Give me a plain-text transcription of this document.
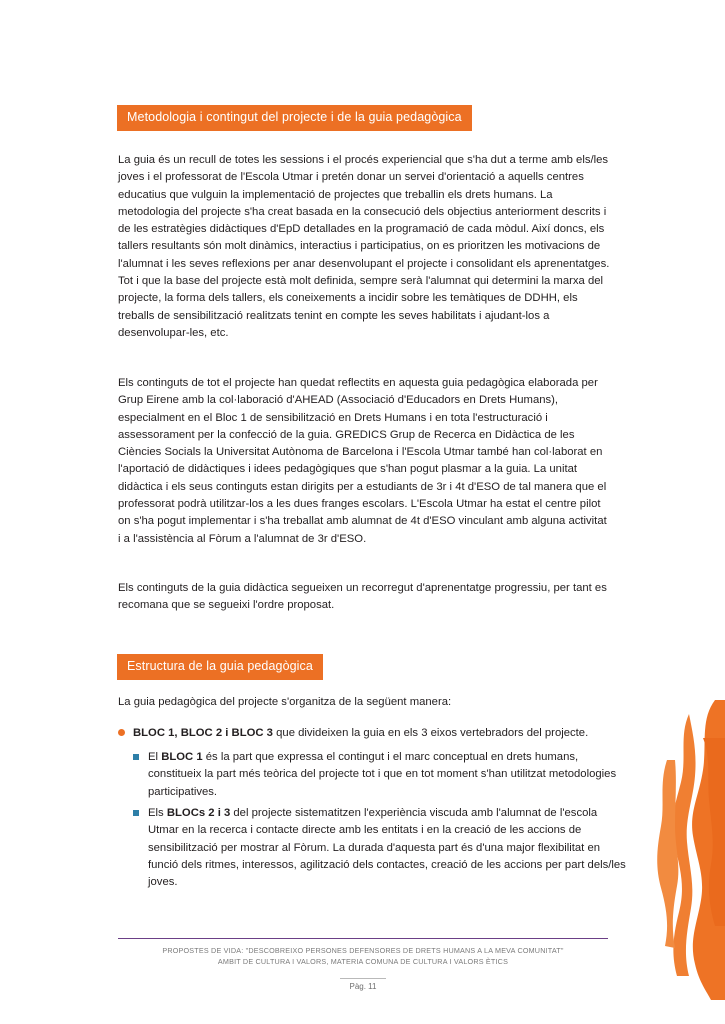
Metodologia i contingut del projecte i de la guia pedagògica
La guia és un recull de totes les sessions i el procés experiencial que s'ha dut a terme amb els/les joves i el professorat de l'Escola Utmar i pretén donar un servei d'orientació a aquells centres educatius que vulguin la implementació de projectes que treballin els drets humans. La metodologia del projecte s'ha creat basada en la consecució dels objectius anteriorment descrits i de les estratègies didàctiques d'EpD detallades en la programació de cada mòdul. Així doncs, els tallers resultants són molt dinàmics, interactius i participatius, on es prioritzen les motivacions de l'alumnat i les seves reflexions per anar desenvolupant el projecte i consolidant els aprenentatges. Tot i que la base del projecte està molt definida, sempre serà l'alumnat qui determini la marxa del projecte, la forma dels tallers, els coneixements a incidir sobre les temàtiques de DDHH, els treballs de sensibilització realitzats tenint en compte les seves habilitats i ajudant-los a desenvolupar-les, etc.
Els continguts de tot el projecte han quedat reflectits en aquesta guia pedagògica elaborada per Grup Eirene amb la col·laboració d'AHEAD (Associació d'Educadors en Drets Humans), especialment en el Bloc 1 de sensibilització en Drets Humans i en tota l'estructuració i assessorament per la confecció de la guia. GREDICS Grup de Recerca en Didàctica de les Ciències Socials la Universitat Autònoma de Barcelona i l'Escola Utmar també han col·laborat en l'aportació de didàctiques i idees pedagògiques que s'han pogut plasmar a la guia. La unitat didàctica i els seus continguts estan dirigits per a estudiants de 3r i 4t d'ESO de tal manera que el professorat podrà utilitzar-los a les dues franges escolars. L'Escola Utmar ha estat el centre pilot on s'ha pogut implementar i s'ha treballat amb alumnat de 4t d'ESO vinculant amb alguna activitat i a l'assistència al Fòrum a l'alumnat de 3r d'ESO.
Els continguts de la guia didàctica segueixen un recorregut d'aprenentatge progressiu, per tant es recomana que se segueixi l'ordre proposat.
Estructura de la guia pedagògica
La guia pedagògica del projecte s'organitza de la següent manera:
BLOC 1, BLOC 2 i BLOC 3 que divideixen la guia en els 3 eixos vertebradors del projecte.
El BLOC 1 és la part que expressa el contingut i el marc conceptual en drets humans, constitueix la part més teòrica del projecte tot i que en tot moment s'han utilitzat metodologies participatives.
Els BLOCs 2 i 3 del projecte sistematitzen l'experiència viscuda amb l'alumnat de l'escola Utmar en la recerca i contacte directe amb les entitats i en la creació de les accions de sensibilització per mostrar al Fòrum. La durada d'aquesta part és d'una major flexibilitat en funció dels ritmes, interessos, agilització dels contactes, creació de les accions per part dels/les joves.
PROPOSTES DE VIDA: "DESCOBREIXO PERSONES DEFENSORES DE DRETS HUMANS A LA MEVA COMUNITAT"
AMBIT DE CULTURA I VALORS, MATERIA COMUNA DE CULTURA I VALORS ÈTICS
Pàg. 11
